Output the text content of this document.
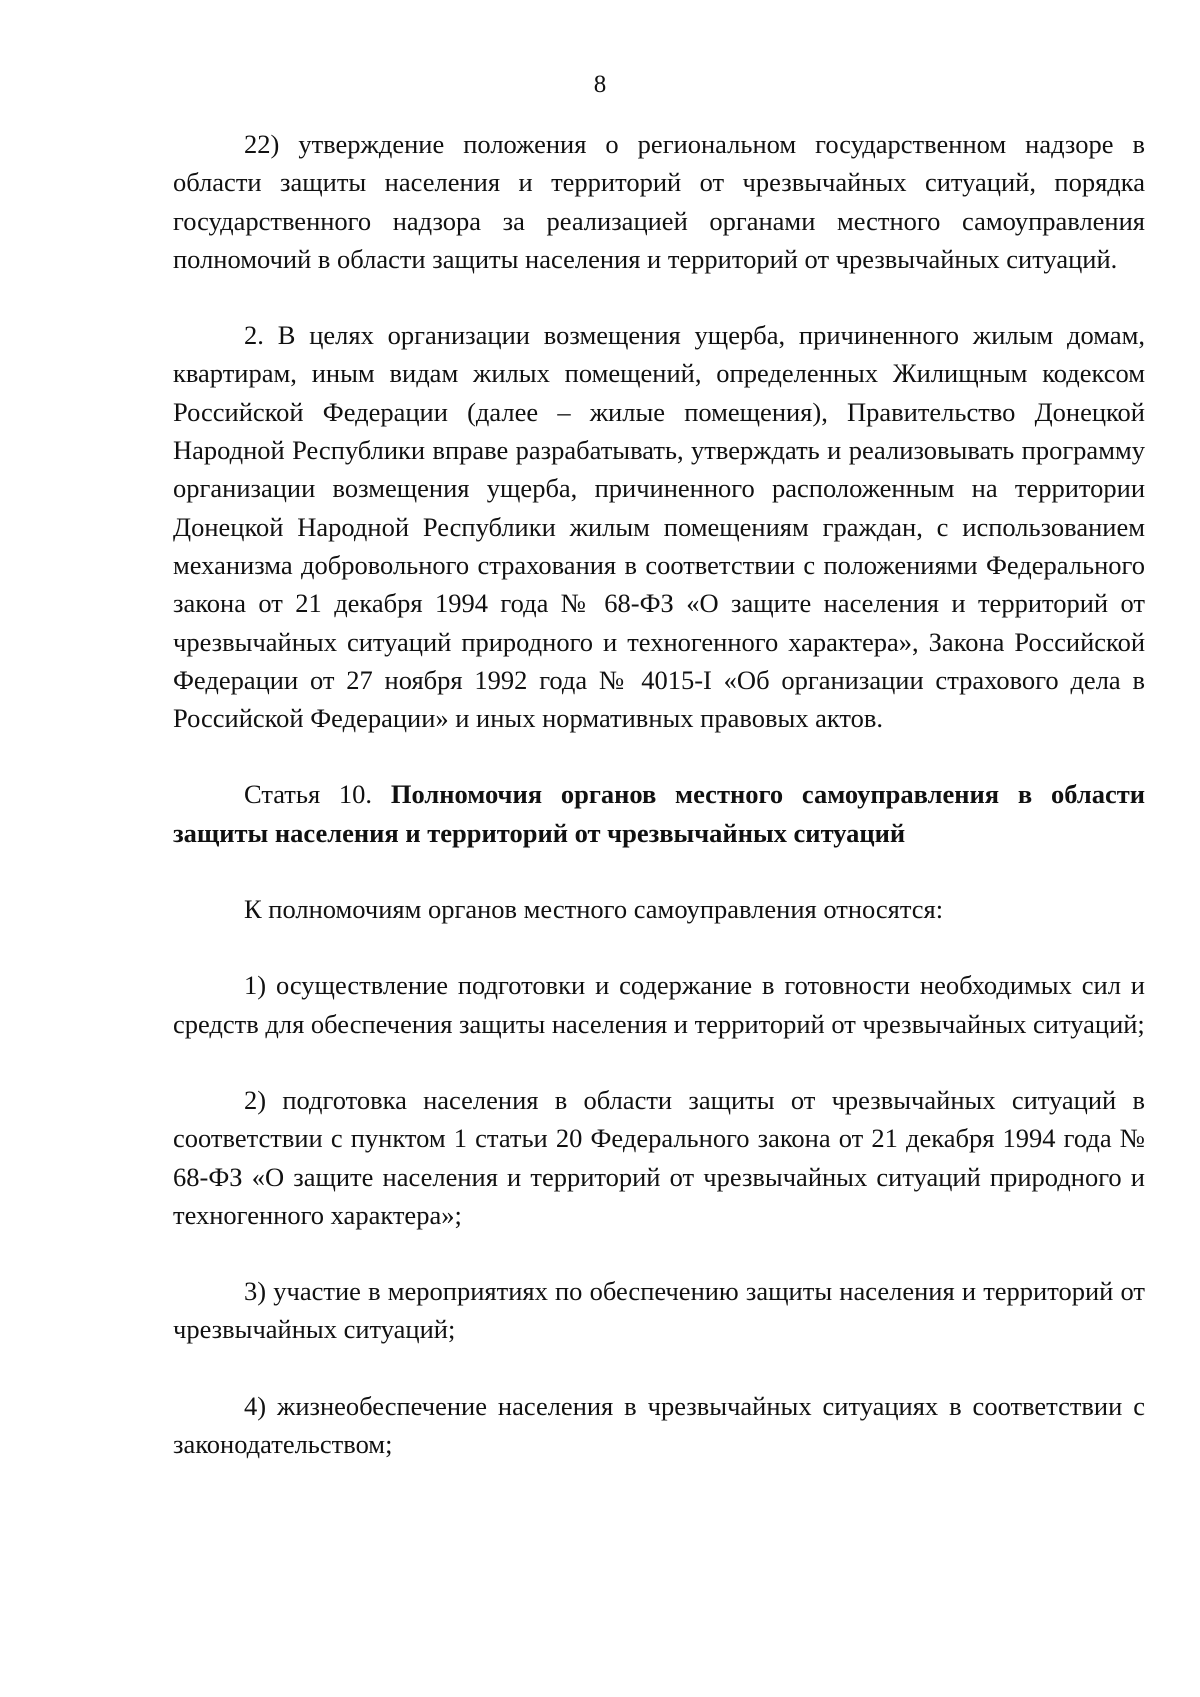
8

22) утверждение положения о региональном государственном надзоре в области защиты населения и территорий от чрезвычайных ситуаций, порядка государственного надзора за реализацией органами местного самоуправления полномочий в области защиты населения и территорий от чрезвычайных ситуаций.

2. В целях организации возмещения ущерба, причиненного жилым домам, квартирам, иным видам жилых помещений, определенных Жилищным кодексом Российской Федерации (далее – жилые помещения), Правительство Донецкой Народной Республики вправе разрабатывать, утверждать и реализовывать программу организации возмещения ущерба, причиненного расположенным на территории Донецкой Народной Республики жилым помещениям граждан, с использованием механизма добровольного страхования в соответствии с положениями Федерального закона от 21 декабря 1994 года № 68-ФЗ «О защите населения и территорий от чрезвычайных ситуаций природного и техногенного характера», Закона Российской Федерации от 27 ноября 1992 года № 4015-I «Об организации страхового дела в Российской Федерации» и иных нормативных правовых актов.

Статья 10. Полномочия органов местного самоуправления в области защиты населения и территорий от чрезвычайных ситуаций

К полномочиям органов местного самоуправления относятся:

1) осуществление подготовки и содержание в готовности необходимых сил и средств для обеспечения защиты населения и территорий от чрезвычайных ситуаций;

2) подготовка населения в области защиты от чрезвычайных ситуаций в соответствии с пунктом 1 статьи 20 Федерального закона от 21 декабря 1994 года № 68-ФЗ «О защите населения и территорий от чрезвычайных ситуаций природного и техногенного характера»;

3) участие в мероприятиях по обеспечению защиты населения и территорий от чрезвычайных ситуаций;

4) жизнеобеспечение населения в чрезвычайных ситуациях в соответствии с законодательством;
